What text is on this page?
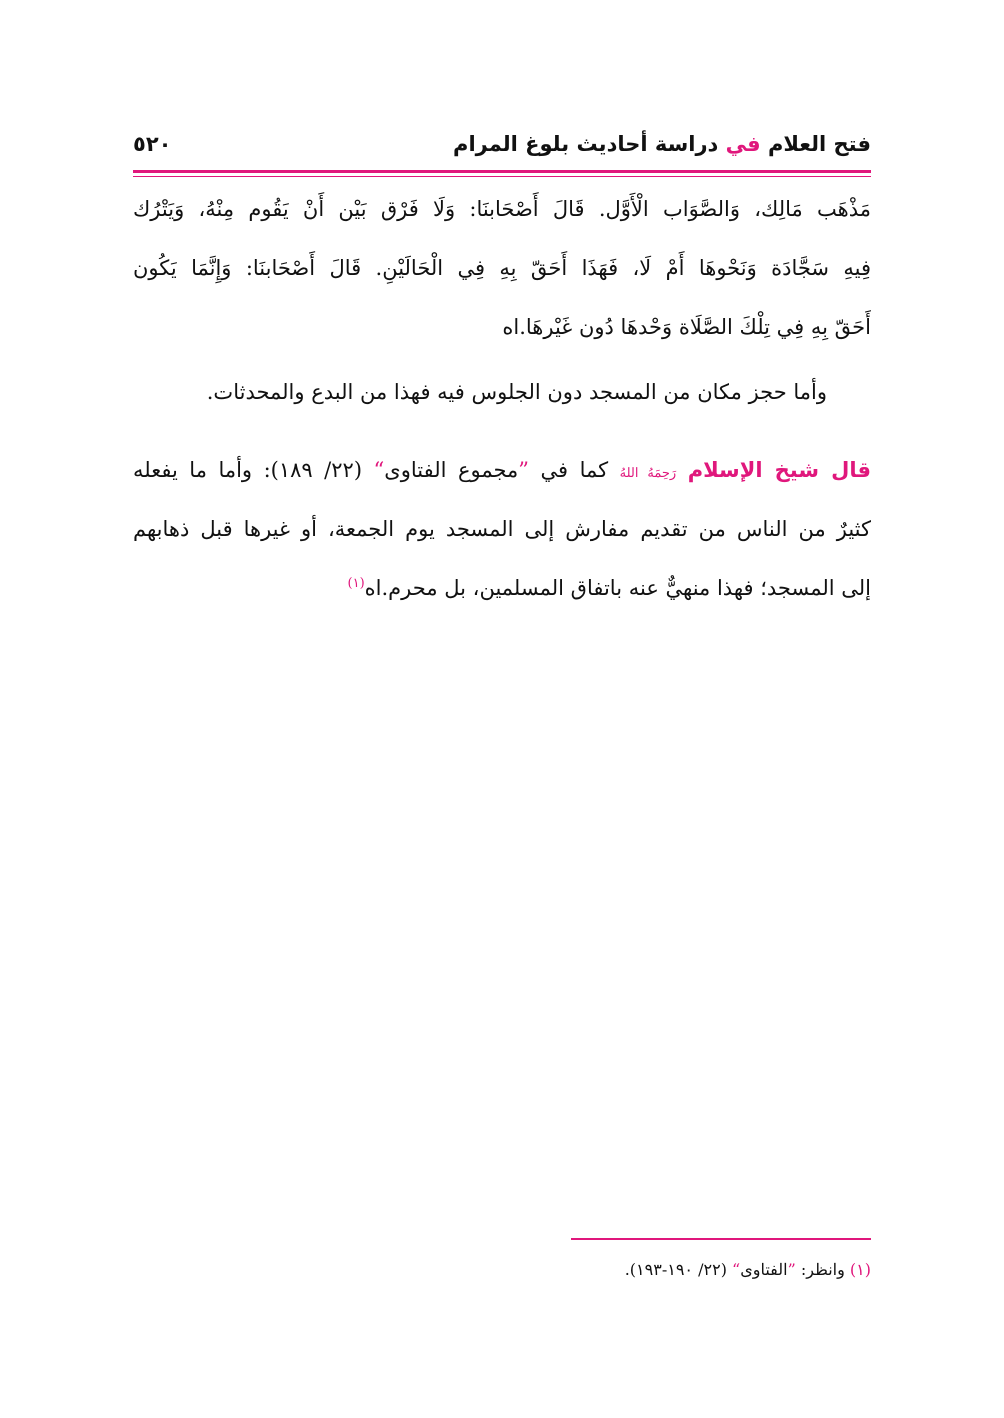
فتح العلام في دراسة أحاديث بلوغ المرام
٥٢٠
مَذْهَب مَالِك، وَالصَّوَاب الْأَوَّل. قَالَ أَصْحَابنَا: وَلَا فَرْق بَيْن أَنْ يَقُوم مِنْهُ، وَيَتْرُك
فِيهِ سَجَّادَة وَنَحْوهَا أَمْ لَا، فَهَذَا أَحَقّ بِهِ فِي الْحَالَيْنِ. قَالَ أَصْحَابنَا: وَإِنَّمَا يَكُون
أَحَقّ بِهِ فِي تِلْكَ الصَّلَاة وَحْدهَا دُون غَيْرهَا.اه
وأما حجز مكان من المسجد دون الجلوس فيه فهذا من البدع والمحدثات.
قال شيخ الإسلام رَحِمَهُ اللهُ كما في ”مجموع الفتاوى“ (٢٢/ ١٨٩): وأما ما يفعله
كثيرٌ من الناس من تقديم مفارش إلى المسجد يوم الجمعة، أو غيرها قبل ذهابهم
إلى المسجد؛ فهذا منهيٌّ عنه باتفاق المسلمين، بل محرم.اه$^{(١)}$
(١) وانظر: ”الفتاوى“ (٢٢/ ١٩٠-١٩٣).
